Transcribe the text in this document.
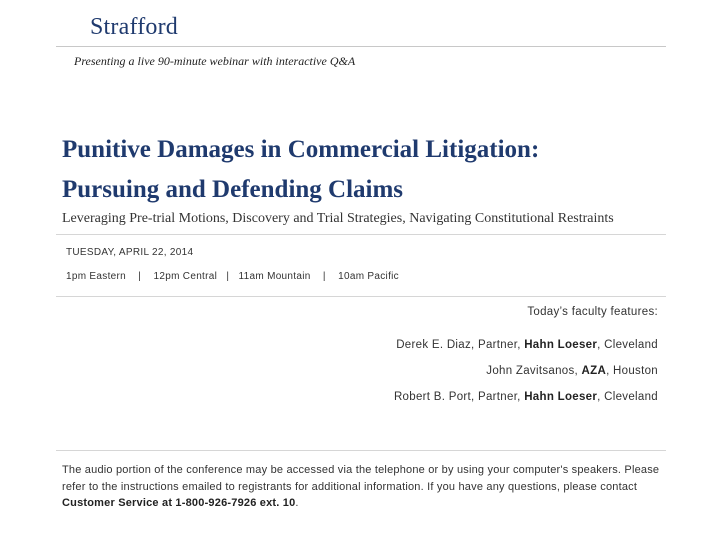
Strafford
Presenting a live 90-minute webinar with interactive Q&A
Punitive Damages in Commercial Litigation:
Pursuing and Defending Claims
Leveraging Pre-trial Motions, Discovery and Trial Strategies, Navigating Constitutional Restraints
TUESDAY, APRIL 22, 2014
1pm Eastern    |    12pm Central   |   11am Mountain    |    10am Pacific
Today’s faculty features:
Derek E. Diaz, Partner, Hahn Loeser, Cleveland
John Zavitsanos, AZA, Houston
Robert B. Port, Partner, Hahn Loeser, Cleveland
The audio portion of the conference may be accessed via the telephone or by using your computer's speakers. Please refer to the instructions emailed to registrants for additional information. If you have any questions, please contact Customer Service at 1-800-926-7926 ext. 10.
